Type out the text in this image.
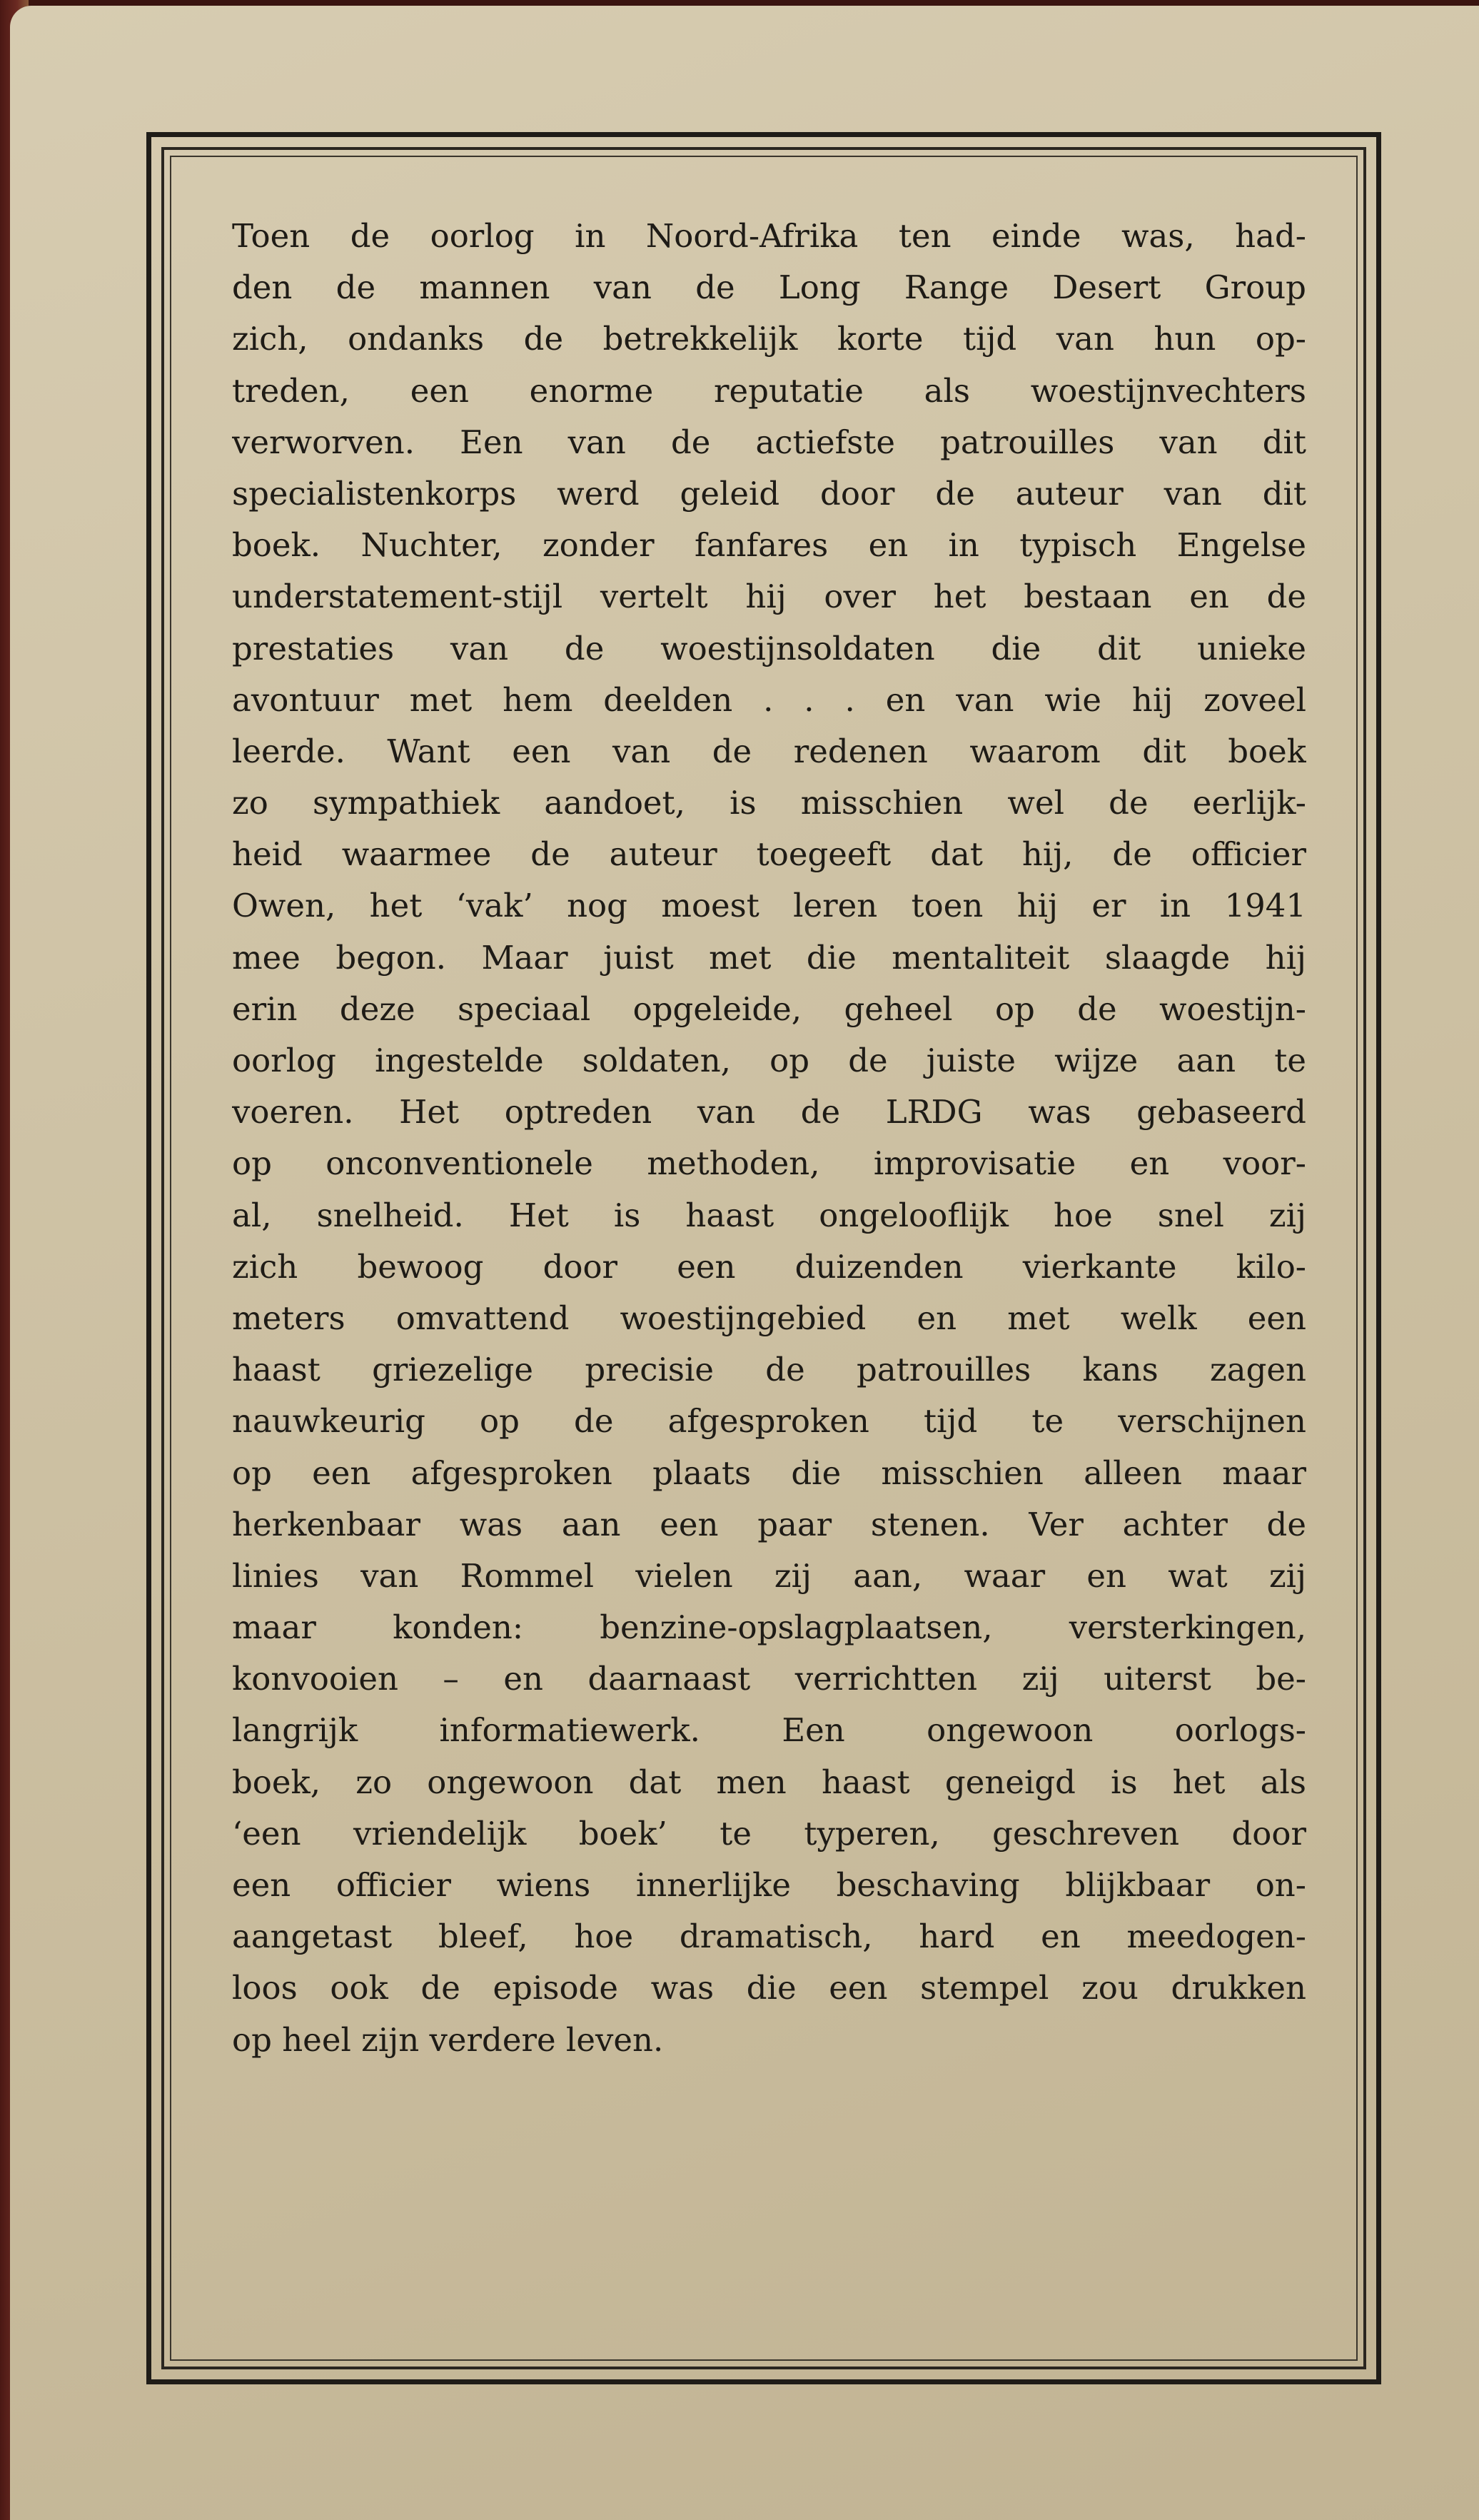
Toen de oorlog in Noord-Afrika ten einde was, had-
den de mannen van de Long Range Desert Group
zich, ondanks de betrekkelijk korte tijd van hun op-
treden, een enorme reputatie als woestijnvechters
verworven. Een van de actiefste patrouilles van dit
specialistenkorps werd geleid door de auteur van dit
boek. Nuchter, zonder fanfares en in typisch Engelse
understatement-stijl vertelt hij over het bestaan en de
prestaties van de woestijnsoldaten die dit unieke
avontuur met hem deelden . . . en van wie hij zoveel
leerde. Want een van de redenen waarom dit boek
zo sympathiek aandoet, is misschien wel de eerlijk-
heid waarmee de auteur toegeeft dat hij, de officier
Owen, het ‘vak’ nog moest leren toen hij er in 1941
mee begon. Maar juist met die mentaliteit slaagde hij
erin deze speciaal opgeleide, geheel op de woestijn-
oorlog ingestelde soldaten, op de juiste wijze aan te
voeren. Het optreden van de LRDG was gebaseerd
op onconventionele methoden, improvisatie en voor-
al, snelheid. Het is haast ongelooflijk hoe snel zij
zich bewoog door een duizenden vierkante kilo-
meters omvattend woestijngebied en met welk een
haast griezelige precisie de patrouilles kans zagen
nauwkeurig op de afgesproken tijd te verschijnen
op een afgesproken plaats die misschien alleen maar
herkenbaar was aan een paar stenen. Ver achter de
linies van Rommel vielen zij aan, waar en wat zij
maar konden: benzine-opslagplaatsen, versterkingen,
konvooien – en daarnaast verrichtten zij uiterst be-
langrijk informatiewerk. Een ongewoon oorlogs-
boek, zo ongewoon dat men haast geneigd is het als
‘een vriendelijk boek’ te typeren, geschreven door
een officier wiens innerlijke beschaving blijkbaar on-
aangetast bleef, hoe dramatisch, hard en meedogen-
loos ook de episode was die een stempel zou drukken
op heel zijn verdere leven.
